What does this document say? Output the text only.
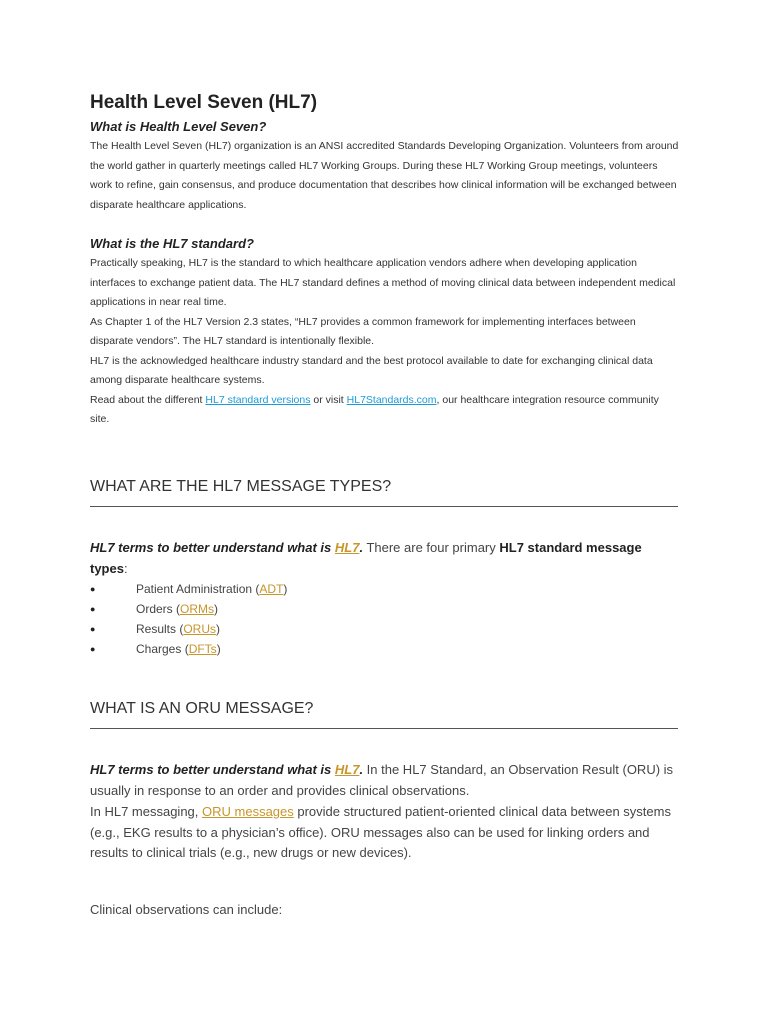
Health Level Seven (HL7)

What is Health Level Seven?

The Health Level Seven (HL7) organization is an ANSI accredited Standards Developing Organization. Volunteers from around the world gather in quarterly meetings called HL7 Working Groups. During these HL7 Working Group meetings, volunteers work to refine, gain consensus, and produce documentation that describes how clinical information will be exchanged between disparate healthcare applications.

What is the HL7 standard?

Practically speaking, HL7 is the standard to which healthcare application vendors adhere when developing application interfaces to exchange patient data. The HL7 standard defines a method of moving clinical data between independent medical applications in near real time.
As Chapter 1 of the HL7 Version 2.3 states, “HL7 provides a common framework for implementing interfaces between disparate vendors”. The HL7 standard is intentionally flexible.
HL7 is the acknowledged healthcare industry standard and the best protocol available to date for exchanging clinical data among disparate healthcare systems.
Read about the different HL7 standard versions or visit HL7Standards.com, our healthcare integration resource community site.
WHAT ARE THE HL7 MESSAGE TYPES?

HL7 terms to better understand what is HL7. There are four primary HL7 standard message types:

●	Patient Administration (ADT)
●	Orders (ORMs)
●	Results (ORUs)
●	Charges (DFTs)
WHAT IS AN ORU MESSAGE?

HL7 terms to better understand what is HL7. In the HL7 Standard, an Observation Result (ORU) is usually in response to an order and provides clinical observations.

In HL7 messaging, ORU messages provide structured patient-oriented clinical data between systems (e.g., EKG results to a physician’s office). ORU messages also can be used for linking orders and results to clinical trials (e.g., new drugs or new devices).

Clinical observations can include:
